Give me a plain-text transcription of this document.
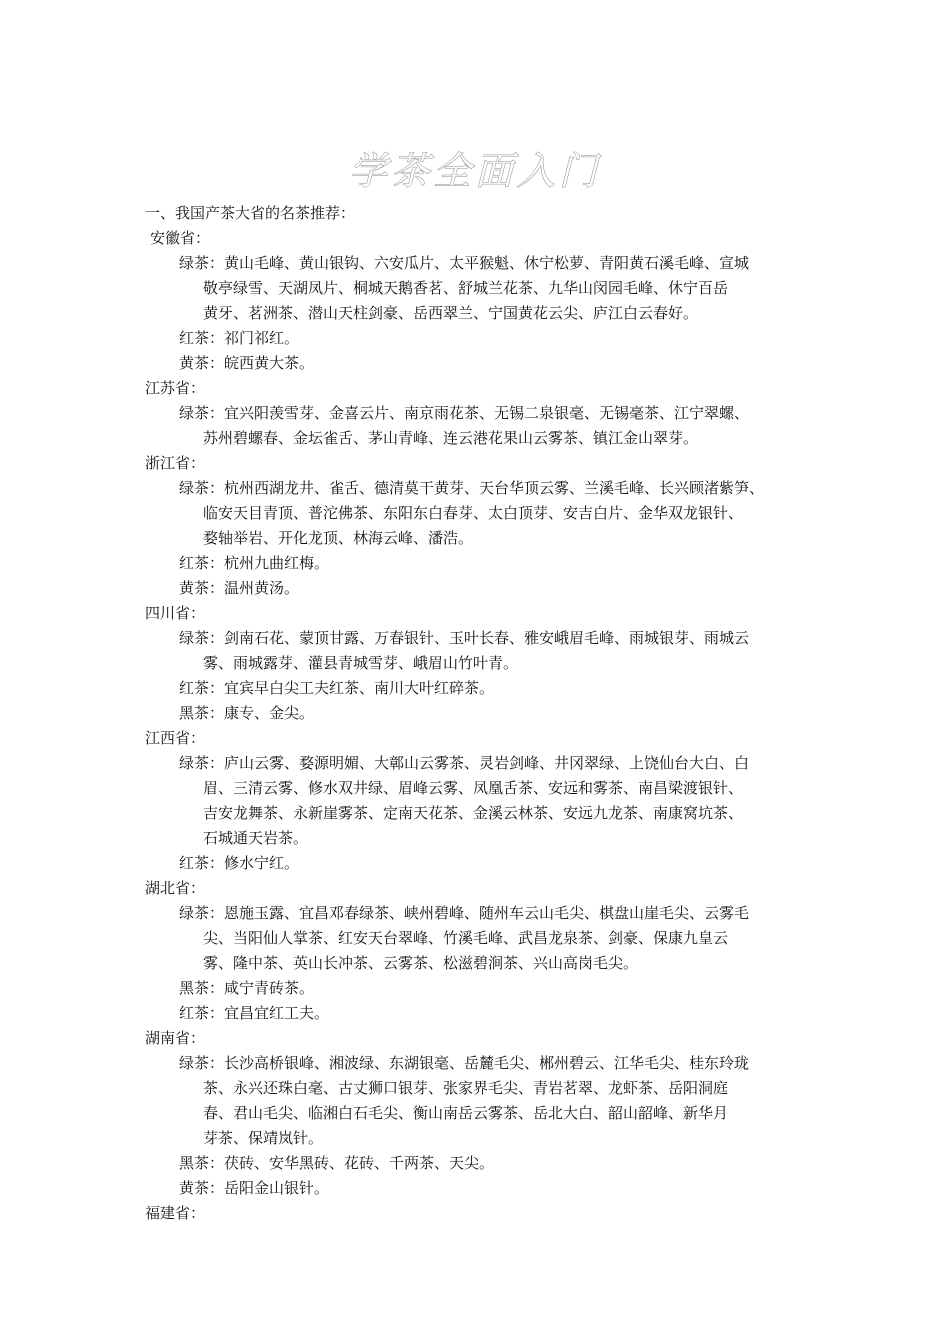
学茶全面入门
一、我国产茶大省的名茶推荐：
安徽省：
绿茶：黄山毛峰、黄山银钩、六安瓜片、太平猴魁、休宁松萝、青阳黄石溪毛峰、宣城
敬亭绿雪、天湖凤片、桐城天鹅香茗、舒城兰花茶、九华山闵园毛峰、休宁百岳
黄牙、茗洲茶、潜山天柱剑豪、岳西翠兰、宁国黄花云尖、庐江白云春好。
红茶：祁门祁红。
黄茶：皖西黄大茶。
江苏省：
绿茶：宜兴阳羡雪芽、金喜云片、南京雨花茶、无锡二泉银毫、无锡毫茶、江宁翠螺、
苏州碧螺春、金坛雀舌、茅山青峰、连云港花果山云雾茶、镇江金山翠芽。
浙江省：
绿茶：杭州西湖龙井、雀舌、德清莫干黄芽、天台华顶云雾、兰溪毛峰、长兴顾渚紫笋、
临安天目青顶、普沱佛茶、东阳东白春芽、太白顶芽、安吉白片、金华双龙银针、
婺轴举岩、开化龙顶、林海云峰、潘浩。
红茶：杭州九曲红梅。
黄茶：温州黄汤。
四川省：
绿茶：剑南石花、蒙顶甘露、万春银针、玉叶长春、雅安峨眉毛峰、雨城银芽、雨城云
雾、雨城露芽、灌县青城雪芽、峨眉山竹叶青。
红茶：宜宾早白尖工夫红茶、南川大叶红碎茶。
黑茶：康专、金尖。
江西省：
绿茶：庐山云雾、婺源明媚、大鄣山云雾茶、灵岩剑峰、井冈翠绿、上饶仙台大白、白
眉、三清云雾、修水双井绿、眉峰云雾、凤凰舌茶、安远和雾茶、南昌梁渡银针、
吉安龙舞茶、永新崖雾茶、定南天花茶、金溪云林茶、安远九龙茶、南康窝坑茶、
石城通天岩茶。
红茶：修水宁红。
湖北省：
绿茶：恩施玉露、宜昌邓春绿茶、峡州碧峰、随州车云山毛尖、棋盘山崖毛尖、云雾毛
尖、当阳仙人掌茶、红安天台翠峰、竹溪毛峰、武昌龙泉茶、剑豪、保康九皇云
雾、隆中茶、英山长冲茶、云雾茶、松滋碧涧茶、兴山高岗毛尖。
黑茶：咸宁青砖茶。
红茶：宜昌宜红工夫。
湖南省：
绿茶：长沙高桥银峰、湘波绿、东湖银毫、岳麓毛尖、郴州碧云、江华毛尖、桂东玲珑
茶、永兴还珠白毫、古丈狮口银芽、张家界毛尖、青岩茗翠、龙虾茶、岳阳洞庭
春、君山毛尖、临湘白石毛尖、衡山南岳云雾茶、岳北大白、韶山韶峰、新华月
芽茶、保靖岚针。
黑茶：茯砖、安华黑砖、花砖、千两茶、天尖。
黄茶：岳阳金山银针。
福建省：
